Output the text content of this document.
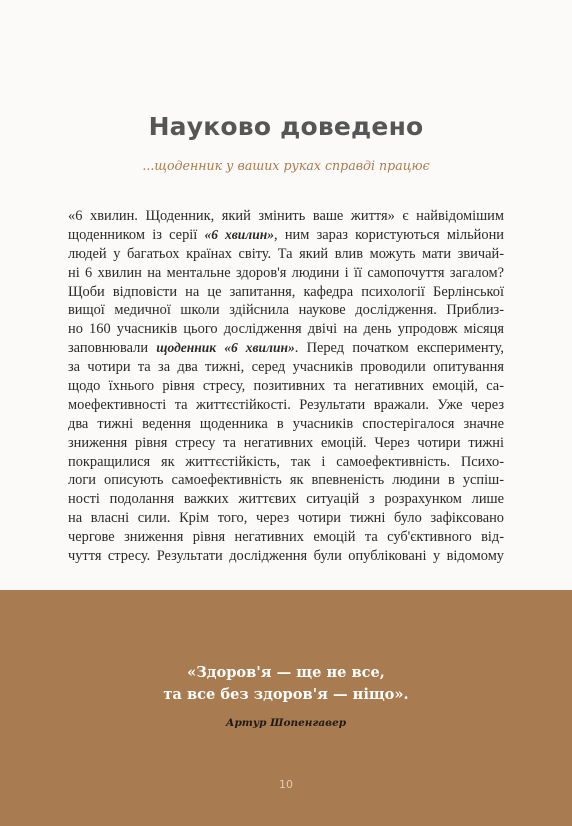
Науково доведено

...щоденник у ваших руках справді працює

«6 хвилин. Щоденник, який змінить ваше життя» є найвідомішим
щоденником із серії «6 хвилин», ним зараз користуються мільйони
людей у багатьох країнах світу. Та який влив можуть мати звичай-
ні 6 хвилин на ментальне здоров'я людини і її самопочуття загалом?
Щоби відповісти на це запитання, кафедра психології Берлінської
вищої медичної школи здійснила наукове дослідження. Приблиз-
но 160 учасників цього дослідження двічі на день упродовж місяця
заповнювали щоденник «6 хвилин». Перед початком експерименту,
за чотири та за два тижні, серед учасників проводили опитування
щодо їхнього рівня стресу, позитивних та негативних емоцій, са-
моефективності та життєстійкості. Результати вражали. Уже через
два тижні ведення щоденника в учасників спостерігалося значне
зниження рівня стресу та негативних емоцій. Через чотири тижні
покращилися як життєстійкість, так і самоефективність. Психо-
логи описують самоефективність як впевненість людини в успіш-
ності подолання важких життєвих ситуацій з розрахунком лише
на власні сили. Крім того, через чотири тижні було зафіксовано
чергове зниження рівня негативних емоцій та суб'єктивного від-
чуття стресу. Результати дослідження були опубліковані у відомому

«Здоров'я — ще не все,

та все без здоров'я — ніщо».

Артур Шопенгавер

10
